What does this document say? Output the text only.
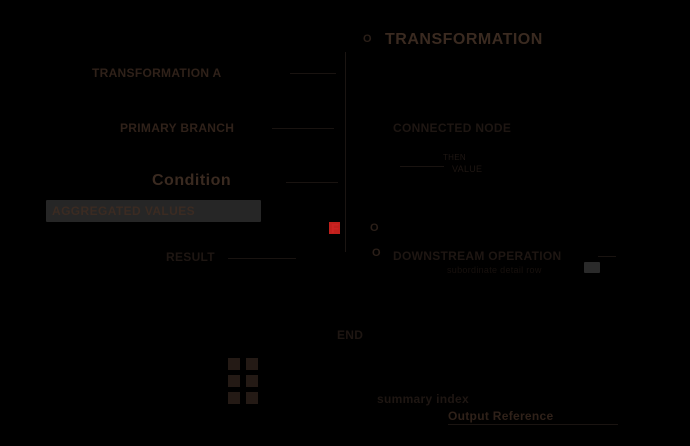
O TRANSFORMATION
TRANSFORMATION A
PRIMARY BRANCH	CONNECTED NODE
THEN
VALUE
Condition
AGGREGATED VALUES
F	O
RESULT	O DOWNSTREAM OPERATION
subordinate detail row
END
summary index
Output Reference
